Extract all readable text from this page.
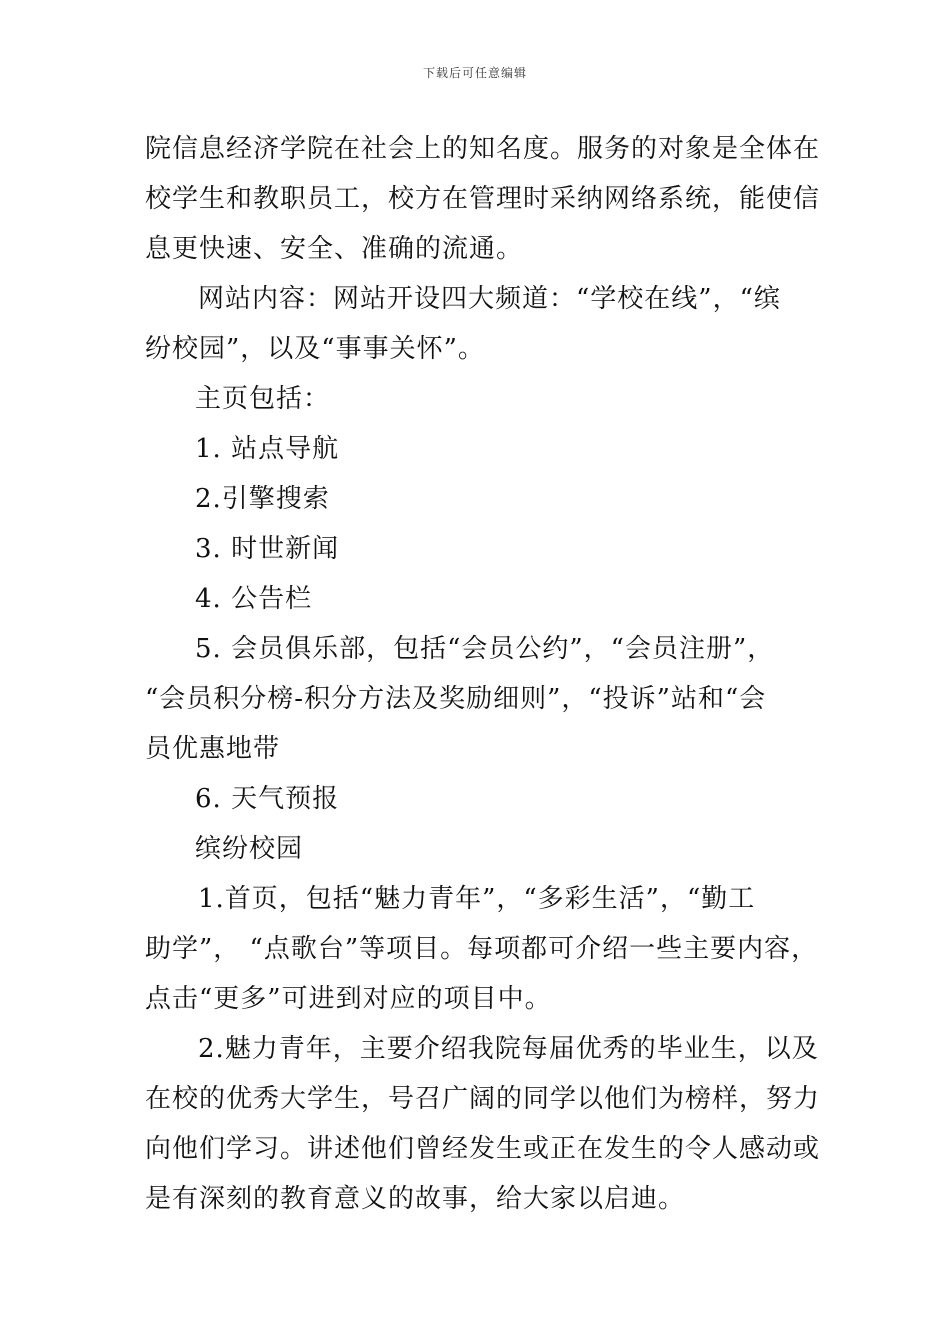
下载后可任意编辑
院信息经济学院在社会上的知名度。服务的对象是全体在
校学生和教职员工，校方在管理时采纳网络系统，能使信
息更快速、安全、准确的流通。
网站内容：网站开设四大频道：“学校在线”，“缤
纷校园”，以及“事事关怀”。
主页包括：
1. 站点导航
2.引擎搜索
3. 时世新闻
4. 公告栏
5. 会员俱乐部，包括“会员公约”，“会员注册”，
“会员积分榜-积分方法及奖励细则”，“投诉”站和“会
员优惠地带
6. 天气预报
缤纷校园
1.首页，包括“魅力青年”，“多彩生活”，“勤工
助学”， “点歌台”等项目。每项都可介绍一些主要内容，
点击“更多”可进到对应的项目中。
2.魅力青年，主要介绍我院每届优秀的毕业生，以及
在校的优秀大学生，号召广阔的同学以他们为榜样，努力
向他们学习。讲述他们曾经发生或正在发生的令人感动或
是有深刻的教育意义的故事，给大家以启迪。
